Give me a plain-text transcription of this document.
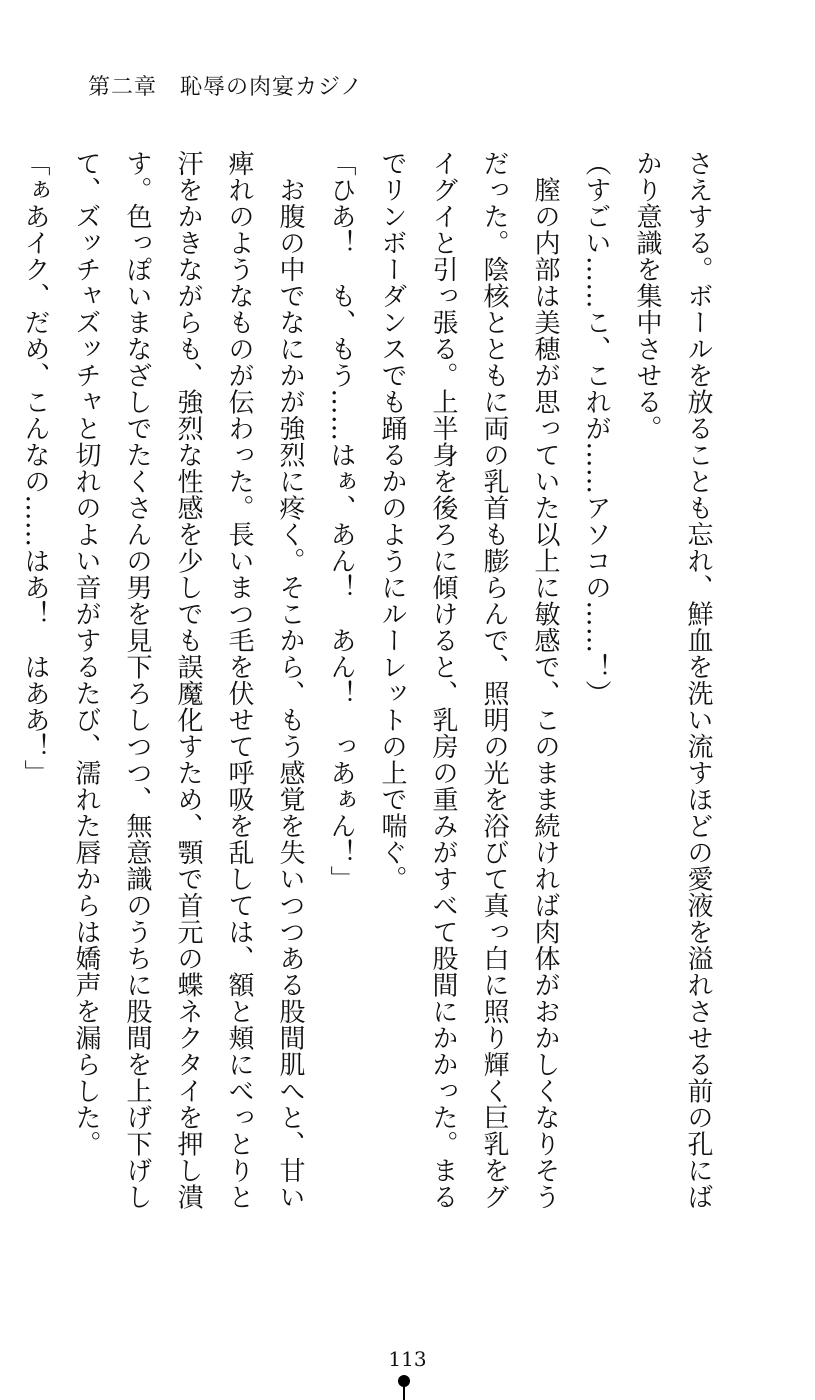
第二章　恥辱の肉宴カジノ
さえする。ボールを放ることも忘れ、鮮血を洗い流すほどの愛液を溢れさせる前の孔にば
かり意識を集中させる。
（すごい……こ、これが……アソコの……！）
　膣の内部は美穂が思っていた以上に敏感で、このまま続ければ肉体がおかしくなりそう
だった。陰核とともに両の乳首も膨らんで、照明の光を浴びて真っ白に照り輝く巨乳をグ
イグイと引っ張る。上半身を後ろに傾けると、乳房の重みがすべて股間にかかった。まる
でリンボーダンスでも踊るかのようにルーレットの上で喘ぐ。
「ひあ！　も、もう……はぁ、あん！　あん！　っあぁん！」
　お腹の中でなにかが強烈に疼く。そこから、もう感覚を失いつつある股間肌へと、甘い
痺れのようなものが伝わった。長いまつ毛を伏せて呼吸を乱しては、額と頬にべっとりと
汗をかきながらも、強烈な性感を少しでも誤魔化すため、顎で首元の蝶ネクタイを押し潰
す。色っぽいまなざしでたくさんの男を見下ろしつつ、無意識のうちに股間を上げ下げし
て、ズッチャズッチャと切れのよい音がするたび、濡れた唇からは嬌声を漏らした。
「ぁあイク、だめ、こんなの……はあ！　はああ！」
113
